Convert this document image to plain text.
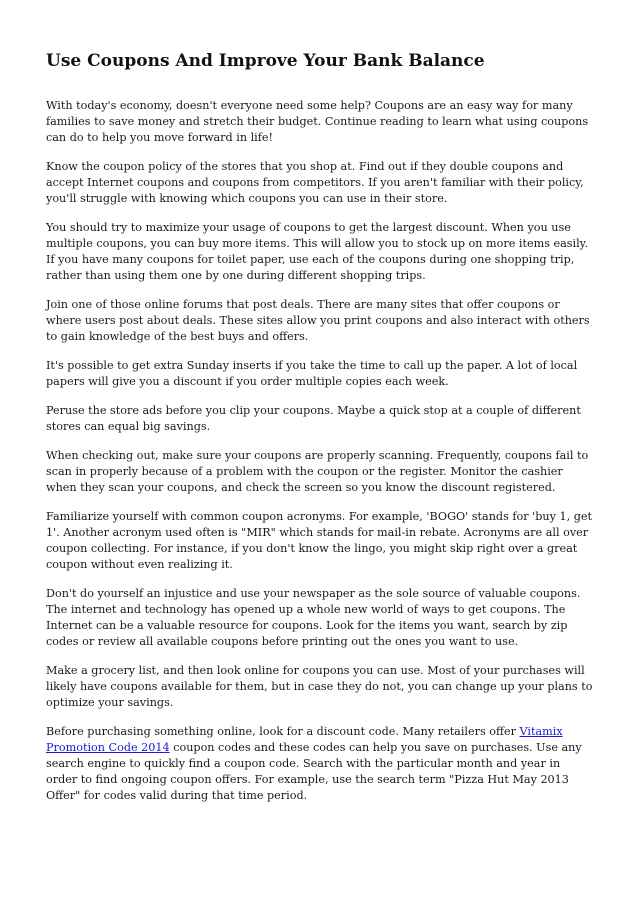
Use Coupons And Improve Your Bank Balance

With today's economy, doesn't everyone need some help? Coupons are an easy way for many families to save money and stretch their budget. Continue reading to learn what using coupons can do to help you move forward in life!

Know the coupon policy of the stores that you shop at. Find out if they double coupons and accept Internet coupons and coupons from competitors. If you aren't familiar with their policy, you'll struggle with knowing which coupons you can use in their store.

You should try to maximize your usage of coupons to get the largest discount. When you use multiple coupons, you can buy more items. This will allow you to stock up on more items easily. If you have many coupons for toilet paper, use each of the coupons during one shopping trip, rather than using them one by one during different shopping trips.

Join one of those online forums that post deals. There are many sites that offer coupons or where users post about deals. These sites allow you print coupons and also interact with others to gain knowledge of the best buys and offers.

It's possible to get extra Sunday inserts if you take the time to call up the paper. A lot of local papers will give you a discount if you order multiple copies each week.

Peruse the store ads before you clip your coupons. Maybe a quick stop at a couple of different stores can equal big savings.

When checking out, make sure your coupons are properly scanning. Frequently, coupons fail to scan in properly because of a problem with the coupon or the register. Monitor the cashier when they scan your coupons, and check the screen so you know the discount registered.

Familiarize yourself with common coupon acronyms. For example, 'BOGO' stands for 'buy 1, get 1'. Another acronym used often is "MIR" which stands for mail-in rebate. Acronyms are all over coupon collecting. For instance, if you don't know the lingo, you might skip right over a great coupon without even realizing it.

Don't do yourself an injustice and use your newspaper as the sole source of valuable coupons. The internet and technology has opened up a whole new world of ways to get coupons. The Internet can be a valuable resource for coupons. Look for the items you want, search by zip codes or review all available coupons before printing out the ones you want to use.

Make a grocery list, and then look online for coupons you can use. Most of your purchases will likely have coupons available for them, but in case they do not, you can change up your plans to optimize your savings.

Before purchasing something online, look for a discount code. Many retailers offer Vitamix Promotion Code 2014 coupon codes and these codes can help you save on purchases. Use any search engine to quickly find a coupon code. Search with the particular month and year in order to find ongoing coupon offers. For example, use the search term "Pizza Hut May 2013 Offer" for codes valid during that time period.
